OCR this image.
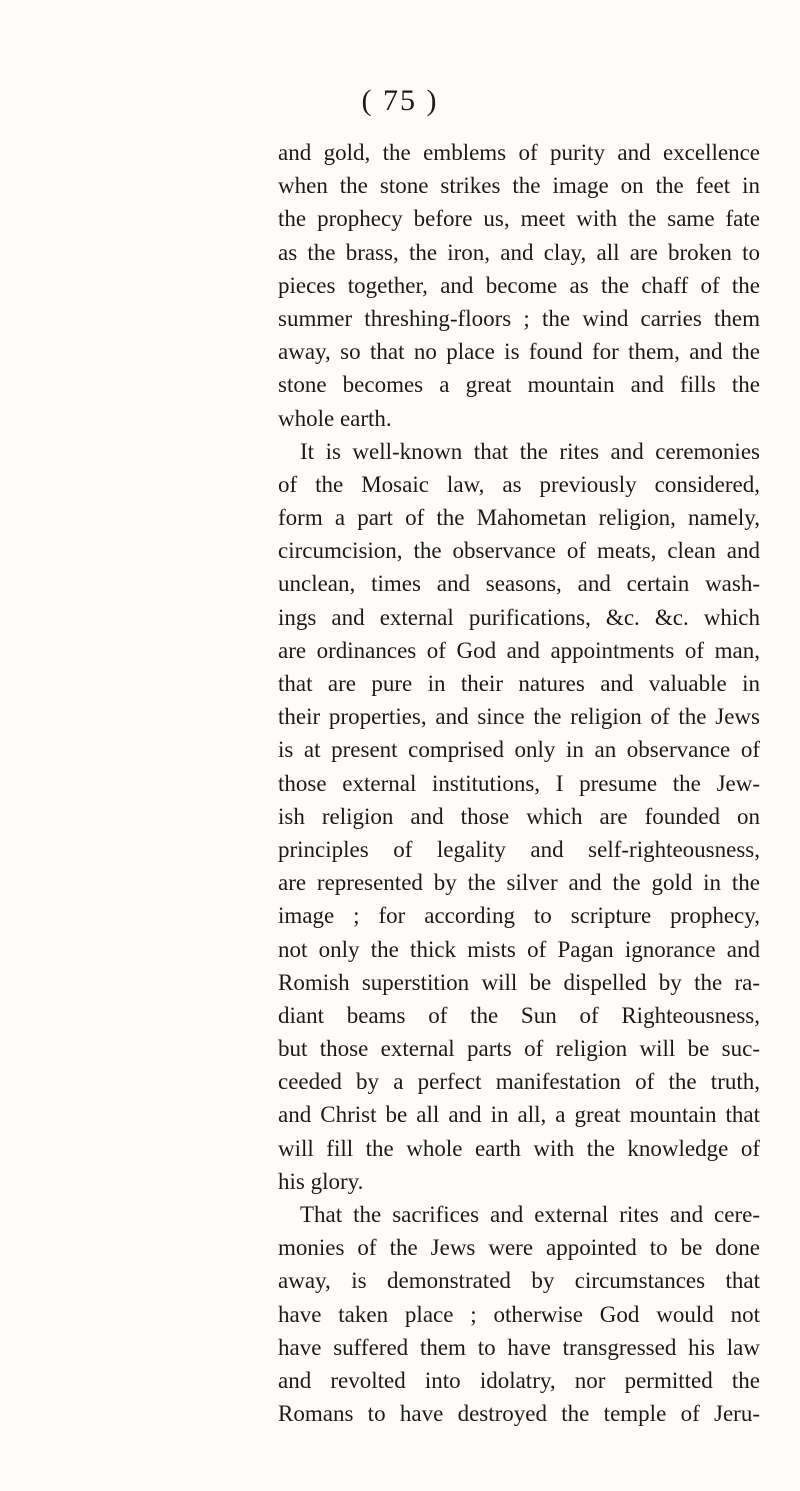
( 75 )
and gold, the emblems of purity and excellence
when the stone strikes the image on the feet in
the prophecy before us, meet with the same fate
as the brass, the iron, and clay, all are broken to
pieces together, and become as the chaff of the
summer threshing-floors ; the wind carries them
away, so that no place is found for them, and the
stone becomes a great mountain and fills the
whole earth.
It is well-known that the rites and ceremonies
of the Mosaic law, as previously considered,
form a part of the Mahometan religion, namely,
circumcision, the observance of meats, clean and
unclean, times and seasons, and certain wash-
ings and external purifications, &c. &c. which
are ordinances of God and appointments of man,
that are pure in their natures and valuable in
their properties, and since the religion of the Jews
is at present comprised only in an observance of
those external institutions, I presume the Jew-
ish religion and those which are founded on
principles of legality and self-righteousness,
are represented by the silver and the gold in the
image ; for according to scripture prophecy,
not only the thick mists of Pagan ignorance and
Romish superstition will be dispelled by the ra-
diant beams of the Sun of Righteousness,
but those external parts of religion will be suc-
ceeded by a perfect manifestation of the truth,
and Christ be all and in all, a great mountain that
will fill the whole earth with the knowledge of
his glory.
That the sacrifices and external rites and cere-
monies of the Jews were appointed to be done
away, is demonstrated by circumstances that
have taken place ; otherwise God would not
have suffered them to have transgressed his law
and revolted into idolatry, nor permitted the
Romans to have destroyed the temple of Jeru-
